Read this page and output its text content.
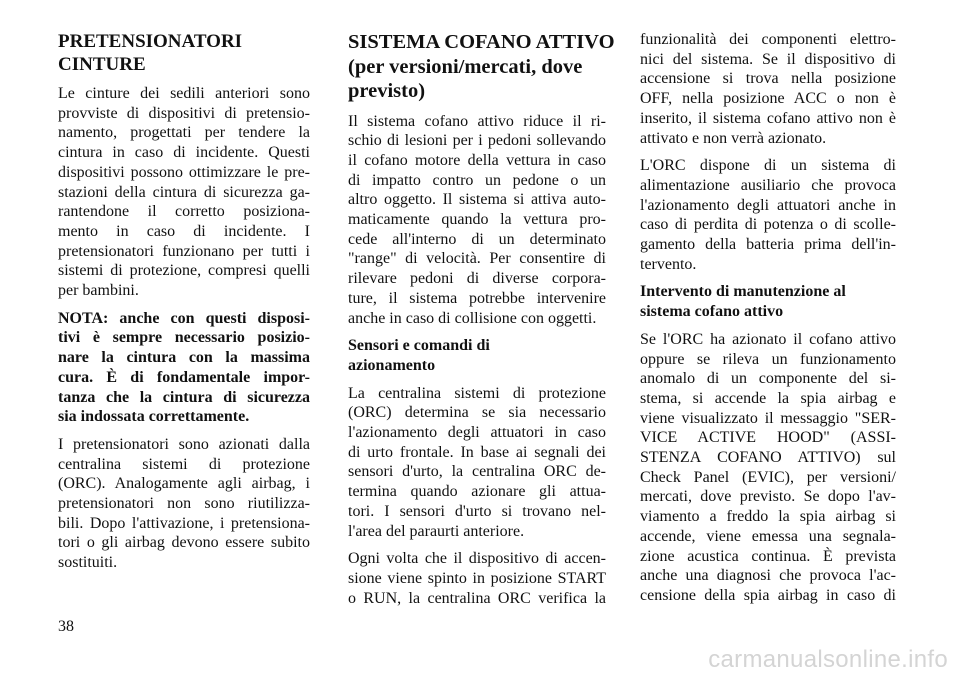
PRETENSIONATORI
CINTURE
Le cinture dei sedili anteriori sono
provviste di dispositivi di pretensio-
namento, progettati per tendere la
cintura in caso di incidente. Questi
dispositivi possono ottimizzare le pre-
stazioni della cintura di sicurezza ga-
rantendone il corretto posiziona-
mento in caso di incidente. I
pretensionatori funzionano per tutti i
sistemi di protezione, compresi quelli
per bambini.
NOTA: anche con questi disposi-
tivi è sempre necessario posizio-
nare la cintura con la massima
cura. È di fondamentale impor-
tanza che la cintura di sicurezza
sia indossata correttamente.
I pretensionatori sono azionati dalla
centralina sistemi di protezione
(ORC). Analogamente agli airbag, i
pretensionatori non sono riutilizza-
bili. Dopo l'attivazione, i pretensiona-
tori o gli airbag devono essere subito
sostituiti.
SISTEMA COFANO ATTIVO
(per versioni/mercati, dove
previsto)
Il sistema cofano attivo riduce il ri-
schio di lesioni per i pedoni sollevando
il cofano motore della vettura in caso
di impatto contro un pedone o un
altro oggetto. Il sistema si attiva auto-
maticamente quando la vettura pro-
cede all'interno di un determinato
"range" di velocità. Per consentire di
rilevare pedoni di diverse corpora-
ture, il sistema potrebbe intervenire
anche in caso di collisione con oggetti.
Sensori e comandi di
azionamento
La centralina sistemi di protezione
(ORC) determina se sia necessario
l'azionamento degli attuatori in caso
di urto frontale. In base ai segnali dei
sensori d'urto, la centralina ORC de-
termina quando azionare gli attua-
tori. I sensori d'urto si trovano nel-
l'area del paraurti anteriore.
Ogni volta che il dispositivo di accen-
sione viene spinto in posizione START
o RUN, la centralina ORC verifica la
funzionalità dei componenti elettro-
nici del sistema. Se il dispositivo di
accensione si trova nella posizione
OFF, nella posizione ACC o non è
inserito, il sistema cofano attivo non è
attivato e non verrà azionato.
L'ORC dispone di un sistema di
alimentazione ausiliario che provoca
l'azionamento degli attuatori anche in
caso di perdita di potenza o di scolle-
gamento della batteria prima dell'in-
tervento.
Intervento di manutenzione al
sistema cofano attivo
Se l'ORC ha azionato il cofano attivo
oppure se rileva un funzionamento
anomalo di un componente del si-
stema, si accende la spia airbag e
viene visualizzato il messaggio "SER-
VICE ACTIVE HOOD" (ASSI-
STENZA COFANO ATTIVO) sul
Check Panel (EVIC), per versioni/
mercati, dove previsto. Se dopo l'av-
viamento a freddo la spia airbag si
accende, viene emessa una segnala-
zione acustica continua. È prevista
anche una diagnosi che provoca l'ac-
censione della spia airbag in caso di
38
carmanualsonline.info
